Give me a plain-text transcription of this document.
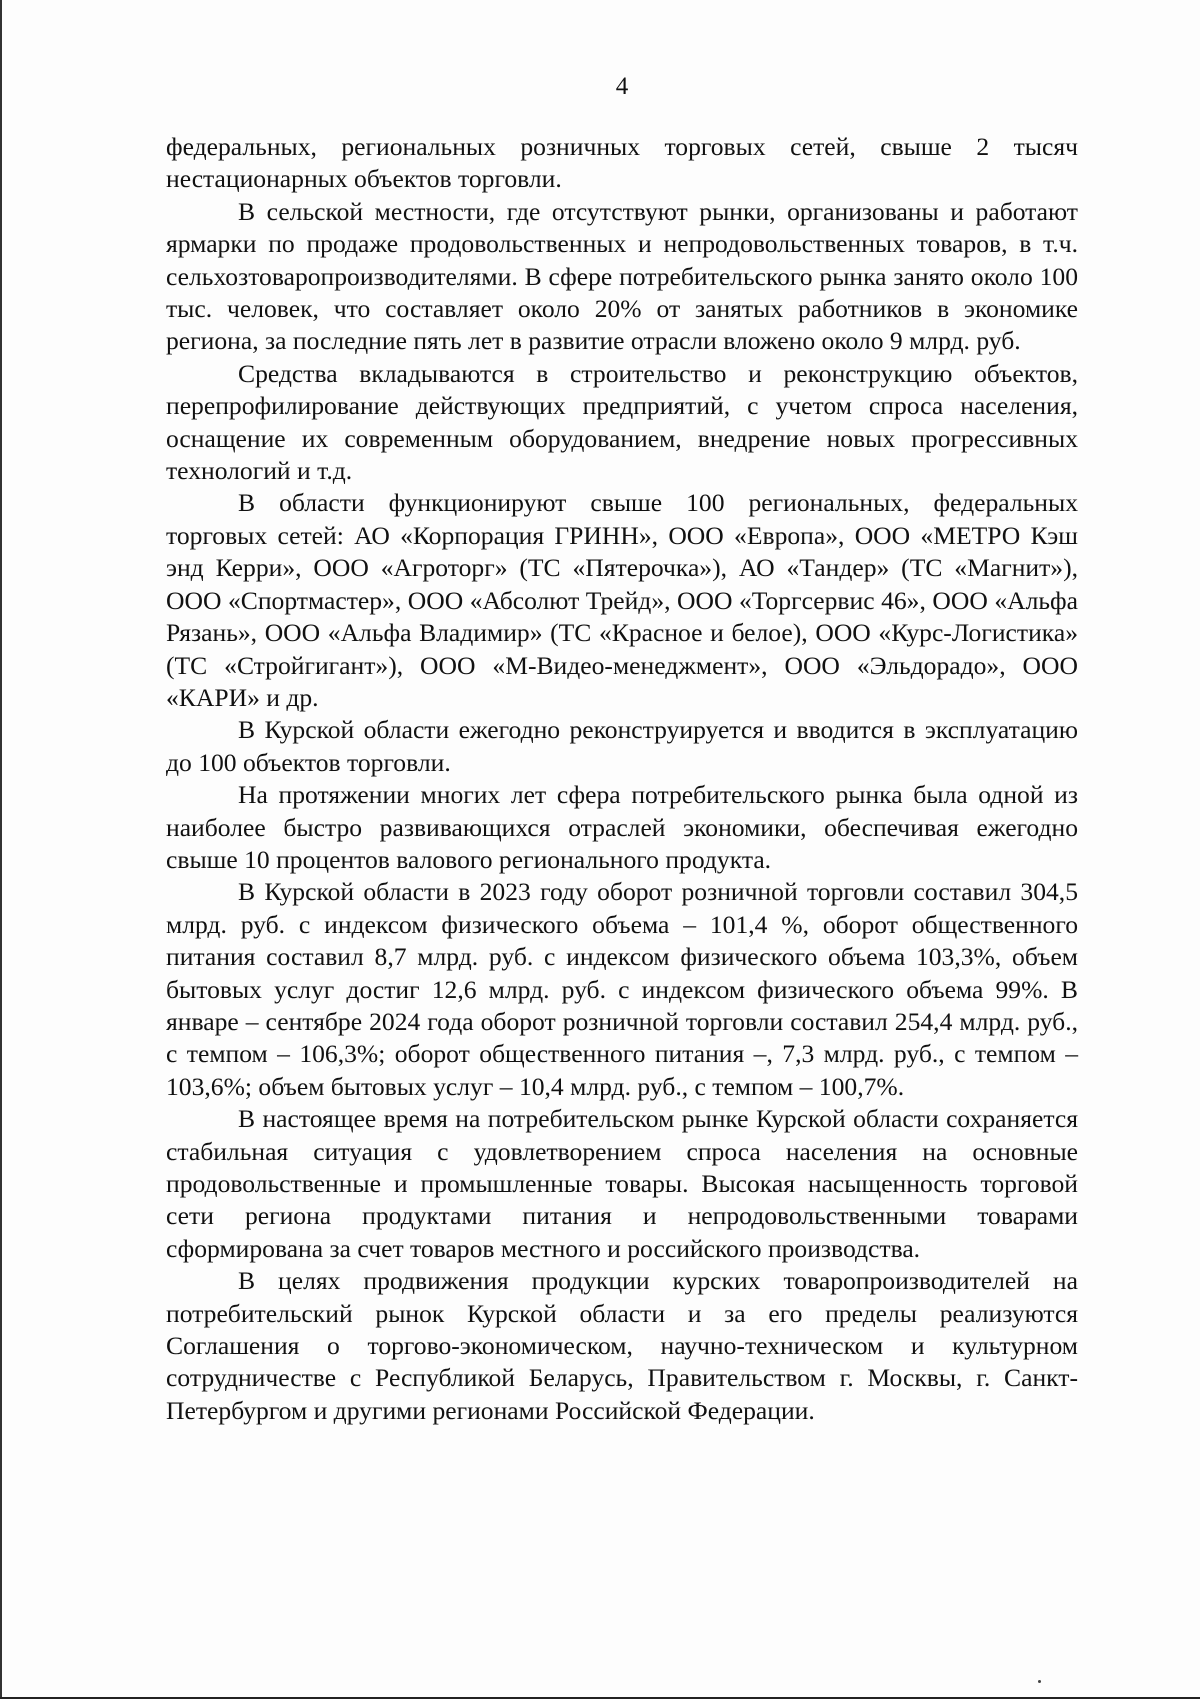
4

федеральных, региональных розничных торговых сетей, свыше 2 тысяч нестационарных объектов торговли.

В сельской местности, где отсутствуют рынки, организованы и работают ярмарки по продаже продовольственных и непродовольственных товаров, в т.ч. сельхозтоваропроизводителями. В сфере потребительского рынка занято около 100 тыс. человек, что составляет около 20% от занятых работников в экономике региона, за последние пять лет в развитие отрасли вложено около 9 млрд. руб.

Средства вкладываются в строительство и реконструкцию объектов, перепрофилирование действующих предприятий, с учетом спроса населения, оснащение их современным оборудованием, внедрение новых прогрессивных технологий и т.д.

В области функционируют свыше 100 региональных, федеральных торговых сетей: АО «Корпорация ГРИНН», ООО «Европа», ООО «МЕТРО Кэш энд Керри», ООО «Агроторг» (ТС «Пятерочка»), АО «Тандер» (ТС «Магнит»), ООО «Спортмастер», ООО «Абсолют Трейд», ООО «Торгсервис 46», ООО «Альфа Рязань», ООО «Альфа Владимир» (ТС «Красное и белое), ООО «Курс-Логистика» (ТС «Стройгигант»), ООО «М-Видео-менеджмент», ООО «Эльдорадо», ООО «КАРИ» и др.

В Курской области ежегодно реконструируется и вводится в эксплуатацию до 100 объектов торговли.

На протяжении многих лет сфера потребительского рынка была одной из наиболее быстро развивающихся отраслей экономики, обеспечивая ежегодно свыше 10 процентов валового регионального продукта.

В Курской области в 2023 году оборот розничной торговли составил 304,5 млрд. руб. с индексом физического объема – 101,4 %, оборот общественного питания составил 8,7 млрд. руб. с индексом физического объема 103,3%, объем бытовых услуг достиг 12,6 млрд. руб. с индексом физического объема 99%. В январе – сентябре 2024 года оборот розничной торговли составил 254,4 млрд. руб., с темпом – 106,3%; оборот общественного питания –, 7,3 млрд. руб., с темпом – 103,6%; объем бытовых услуг – 10,4 млрд. руб., с темпом – 100,7%.

В настоящее время на потребительском рынке Курской области сохраняется стабильная ситуация с удовлетворением спроса населения на основные продовольственные и промышленные товары. Высокая насыщенность торговой сети региона продуктами питания и непродовольственными товарами сформирована за счет товаров местного и российского производства.

В целях продвижения продукции курских товаропроизводителей на потребительский рынок Курской области и за его пределы реализуются Соглашения о торгово-экономическом, научно-техническом и культурном сотрудничестве с Республикой Беларусь, Правительством г. Москвы, г. Санкт-Петербургом и другими регионами Российской Федерации.
